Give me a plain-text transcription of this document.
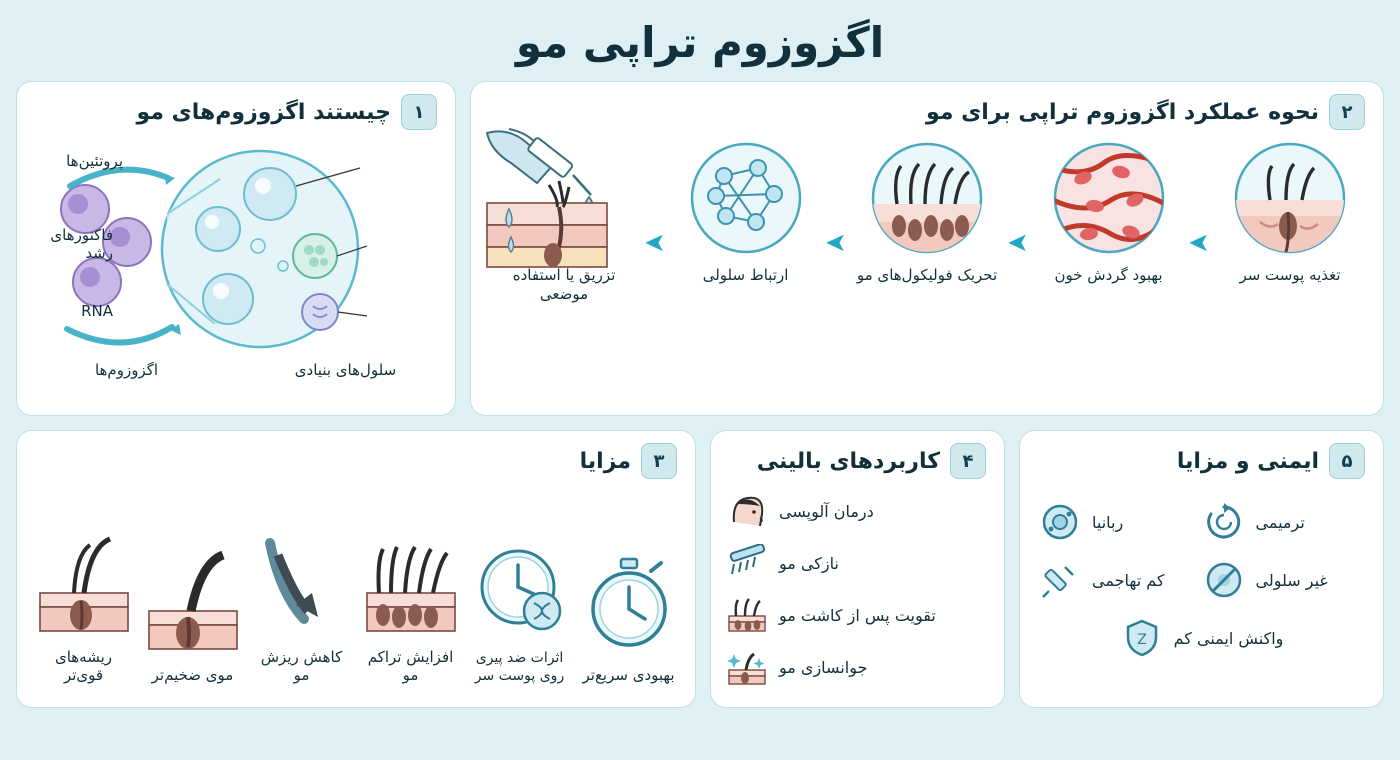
اگزوزوم تراپی مو
۱
چیستند اگزوزوم‌های مو
پروتئین‌ها
فاکتورهای رشد
RNA
اگزوزوم‌ها	سلول‌های بنیادی
۲
نحوه عملکرد اگزوزوم تراپی برای مو
تزریق یا استفاده موضعی
➤
ارتباط سلولی
➤
تحریک فولیکول‌های مو
➤
بهبود گردش خون
➤
تغذیه پوست سر
۳
مزایا
ریشه‌های قوی‌تر	موی ضخیم‌تر
کاهش ریزش مو
افزایش تراکم مو
اثرات ضد پیری روی پوست سر	بهبودی سریع‌تر
۴
کاربردهای بالینی
درمان آلوپسی
نازکی مو
تقویت پس از کاشت مو
جوانسازی مو
۵
ایمنی و مزایا
ترمیمی
ربانیا
غیر سلولی
کم تهاجمی
Z واکنش ایمنی کم
